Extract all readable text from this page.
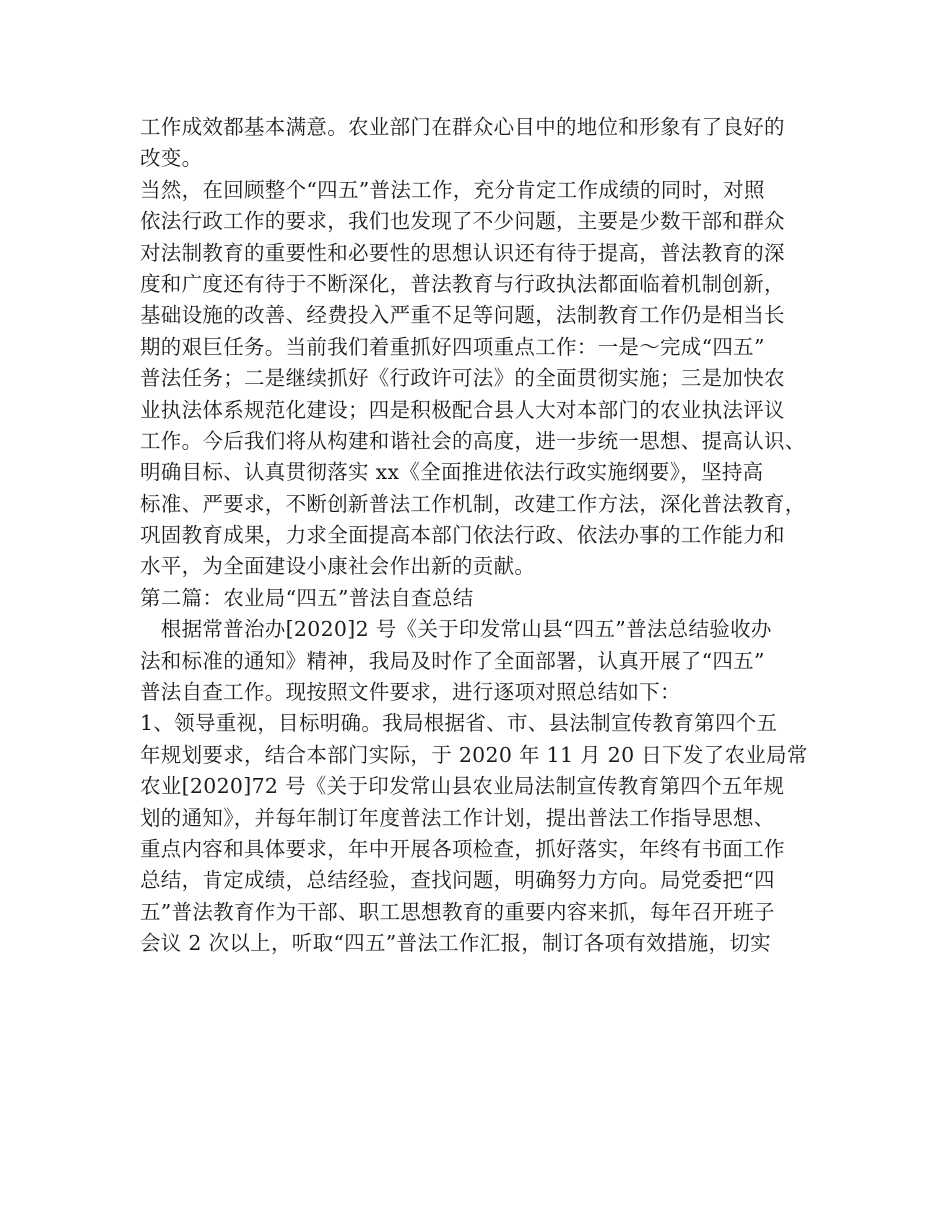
工作成效都基本满意。农业部门在群众心目中的地位和形象有了良好的
改变。
当然，在回顾整个“四五”普法工作，充分肯定工作成绩的同时，对照
依法行政工作的要求，我们也发现了不少问题，主要是少数干部和群众
对法制教育的重要性和必要性的思想认识还有待于提高，普法教育的深
度和广度还有待于不断深化，普法教育与行政执法都面临着机制创新，
基础设施的改善、经费投入严重不足等问题，法制教育工作仍是相当长
期的艰巨任务。当前我们着重抓好四项重点工作：一是～完成“四五”
普法任务；二是继续抓好《行政许可法》的全面贯彻实施；三是加快农
业执法体系规范化建设；四是积极配合县人大对本部门的农业执法评议
工作。今后我们将从构建和谐社会的高度，进一步统一思想、提高认识、
明确目标、认真贯彻落实 xx《全面推进依法行政实施纲要》，坚持高
标准、严要求，不断创新普法工作机制，改建工作方法，深化普法教育，
巩固教育成果，力求全面提高本部门依法行政、依法办事的工作能力和
水平，为全面建设小康社会作出新的贡献。
第二篇：农业局“四五”普法自查总结
　根据常普治办[2020]2 号《关于印发常山县“四五”普法总结验收办
法和标准的通知》精神，我局及时作了全面部署，认真开展了“四五”
普法自查工作。现按照文件要求，进行逐项对照总结如下：
1、领导重视，目标明确。我局根据省、市、县法制宣传教育第四个五
年规划要求，结合本部门实际，于 2020 年 11 月 20 日下发了农业局常
农业[2020]72 号《关于印发常山县农业局法制宣传教育第四个五年规
划的通知》，并每年制订年度普法工作计划，提出普法工作指导思想、
重点内容和具体要求，年中开展各项检查，抓好落实，年终有书面工作
总结，肯定成绩，总结经验，查找问题，明确努力方向。局党委把“四
五”普法教育作为干部、职工思想教育的重要内容来抓，每年召开班子
会议 2 次以上，听取“四五”普法工作汇报，制订各项有效措施，切实
